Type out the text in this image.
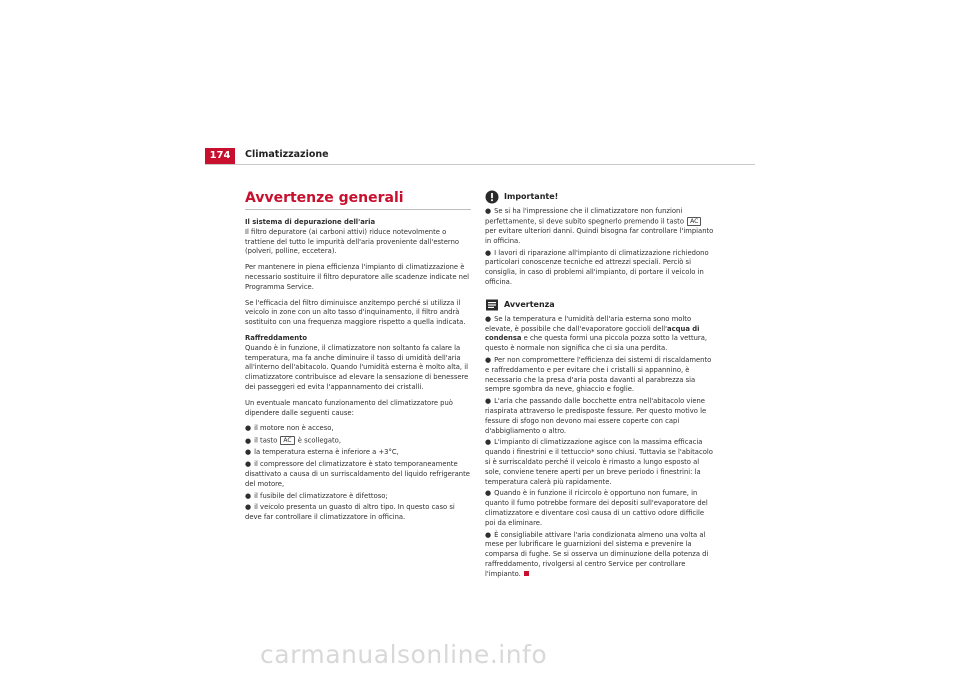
174	Climatizzazione
Avvertenze generali

Il sistema di depurazione dell'aria

Il filtro depuratore (ai carboni attivi) riduce notevolmente o trattiene del tutto le impurità dell'aria proveniente dall'esterno (polveri, polline, eccetera).

Per mantenere in piena efficienza l'impianto di climatizzazione è necessario sostituire il filtro depuratore alle scadenze indicate nel Programma Service.

Se l'efficacia del filtro diminuisce anzitempo perché si utilizza il veicolo in zone con un alto tasso d'inquinamento, il filtro andrà sostituito con una frequenza maggiore rispetto a quella indicata.

Raffreddamento

Quando è in funzione, il climatizzatore non soltanto fa calare la temperatura, ma fa anche diminuire il tasso di umidità dell'aria all'interno dell'abitacolo. Quando l'umidità esterna è molto alta, il climatizzatore contribuisce ad elevare la sensazione di benessere dei passeggeri ed evita l'appannamento dei cristalli.

Un eventuale mancato funzionamento del climatizzatore può dipendere dalle seguenti cause:

● il motore non è acceso,
● il tasto AC è scollegato,
● la temperatura esterna è inferiore a +3°C,
● il compressore del climatizzatore è stato temporaneamente disattivato a causa di un surriscaldamento del liquido refrigerante del motore,
● il fusibile del climatizzatore è difettoso;
● il veicolo presenta un guasto di altro tipo. In questo caso si deve far controllare il climatizzatore in officina.
Importante!
● Se si ha l'impressione che il climatizzatore non funzioni perfettamente, si deve subito spegnerlo premendo il tasto AC per evitare ulteriori danni. Quindi bisogna far controllare l'impianto in officina.
● I lavori di riparazione all'impianto di climatizzazione richiedono particolari conoscenze tecniche ed attrezzi speciali. Perciò si consiglia, in caso di problemi all'impianto, di portare il veicolo in officina.
Avvertenza
● Se la temperatura e l'umidità dell'aria esterna sono molto elevate, è possibile che dall'evaporatore goccioli dell'acqua di condensa e che questa formi una piccola pozza sotto la vettura, questo è normale non significa che ci sia una perdita.
● Per non compromettere l'efficienza dei sistemi di riscaldamento e raffreddamento e per evitare che i cristalli si appannino, è necessario che la presa d'aria posta davanti al parabrezza sia sempre sgombra da neve, ghiaccio e foglie.
● L'aria che passando dalle bocchette entra nell'abitacolo viene riaspirata attraverso le predisposte fessure. Per questo motivo le fessure di sfogo non devono mai essere coperte con capi d'abbigliamento o altro.
● L'impianto di climatizzazione agisce con la massima efficacia quando i finestrini e il tettuccio* sono chiusi. Tuttavia se l'abitacolo si è surriscaldato perché il veicolo è rimasto a lungo esposto al sole, conviene tenere aperti per un breve periodo i finestrini: la temperatura calerà più rapidamente.
● Quando è in funzione il ricircolo è opportuno non fumare, in quanto il fumo potrebbe formare dei depositi sull'evaporatore del climatizzatore e diventare così causa di un cattivo odore difficile poi da eliminare.
● È consigliabile attivare l'aria condizionata almeno una volta al mese per lubrificare le guarnizioni del sistema e prevenire la comparsa di fughe. Se si osserva un diminuzione della potenza di raffreddamento, rivolgersi al centro Service per controllare l'impianto.
carmanualsonline.info
